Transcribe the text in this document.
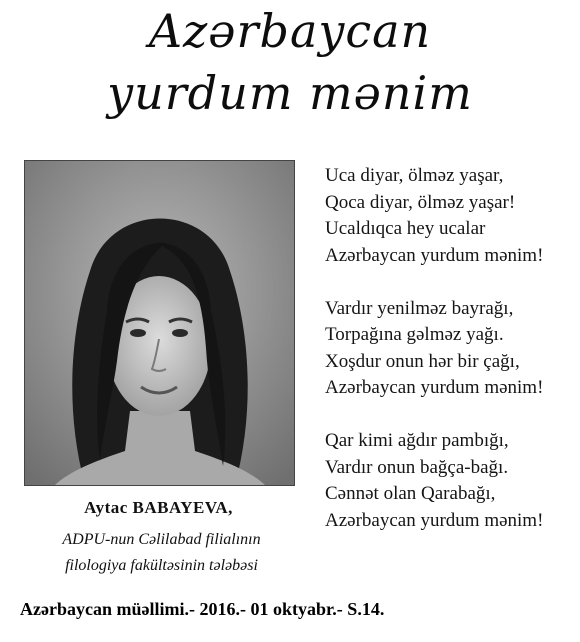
Azərbaycan
yurdum mənim
Aytac BABAYEVA,
ADPU-nun Cəlilabad filialının
filologiya fakültəsinin tələbəsi
Uca diyar, ölməz yaşar,
Qoca diyar, ölməz yaşar!
Ucaldıqca hey ucalar
Azərbaycan yurdum mənim!
Vardır yenilməz bayrağı,
Torpağına gəlməz yağı.
Xoşdur onun hər bir çağı,
Azərbaycan yurdum mənim!
Qar kimi ağdır pambığı,
Vardır onun bağça-bağı.
Cənnət olan Qarabağı,
Azərbaycan yurdum mənim!
Azərbaycan müəllimi.- 2016.- 01 oktyabr.- S.14.
